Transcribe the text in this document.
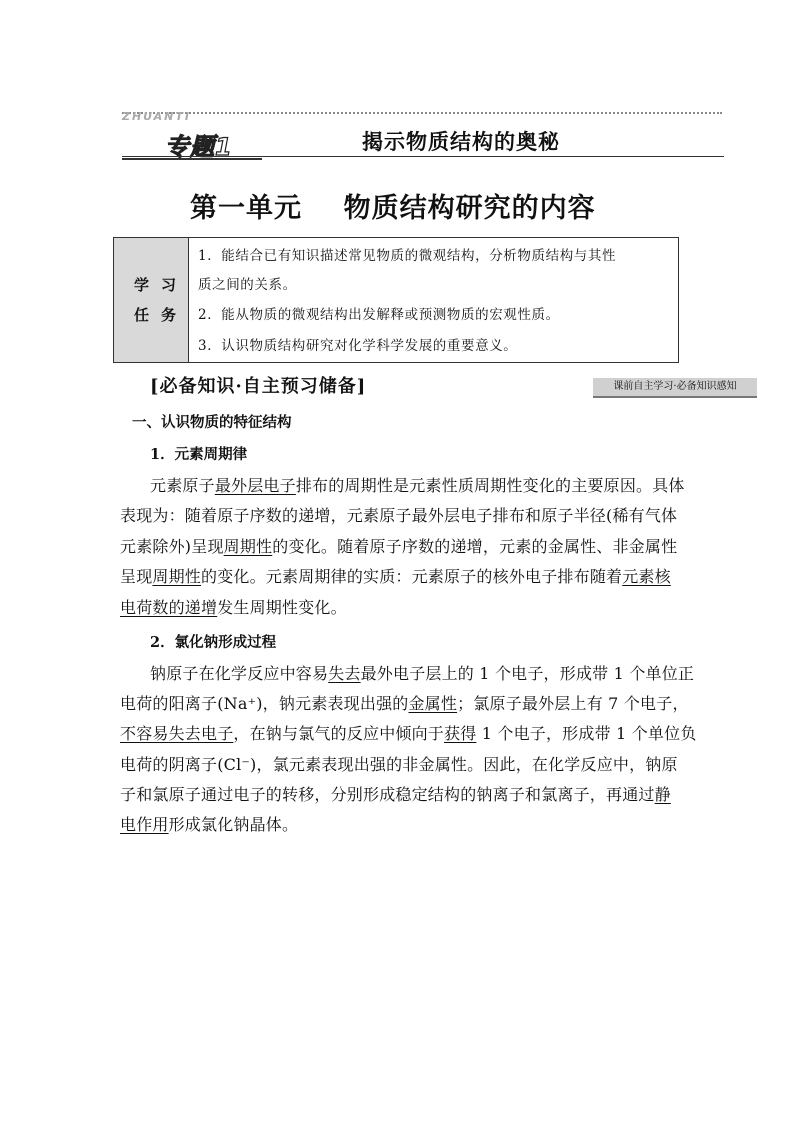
ZHUANTI
专题1	揭示物质结构的奥秘
第一单元    物质结构研究的内容
学习
任务
1．能结合已有知识描述常见物质的微观结构，分析物质结构与其性
质之间的关系。
2．能从物质的微观结构出发解释或预测物质的宏观性质。
3．认识物质结构研究对化学科学发展的重要意义。
[必备知识·自主预习储备]	课前自主学习·必备知识感知
一、认识物质的特征结构
1．元素周期律
元素原子最外层电子排布的周期性是元素性质周期性变化的主要原因。具体
表现为：随着原子序数的递增，元素原子最外层电子排布和原子半径(稀有气体
元素除外)呈现周期性的变化。随着原子序数的递增，元素的金属性、非金属性
呈现周期性的变化。元素周期律的实质：元素原子的核外电子排布随着元素核
电荷数的递增发生周期性变化。
2．氯化钠形成过程
钠原子在化学反应中容易失去最外电子层上的 1 个电子，形成带 1 个单位正
电荷的阳离子(Na⁺)，钠元素表现出强的金属性；氯原子最外层上有 7 个电子，
不容易失去电子，在钠与氯气的反应中倾向于获得 1 个电子，形成带 1 个单位负
电荷的阴离子(Cl⁻)，氯元素表现出强的非金属性。因此，在化学反应中，钠原
子和氯原子通过电子的转移，分别形成稳定结构的钠离子和氯离子，再通过静
电作用形成氯化钠晶体。
